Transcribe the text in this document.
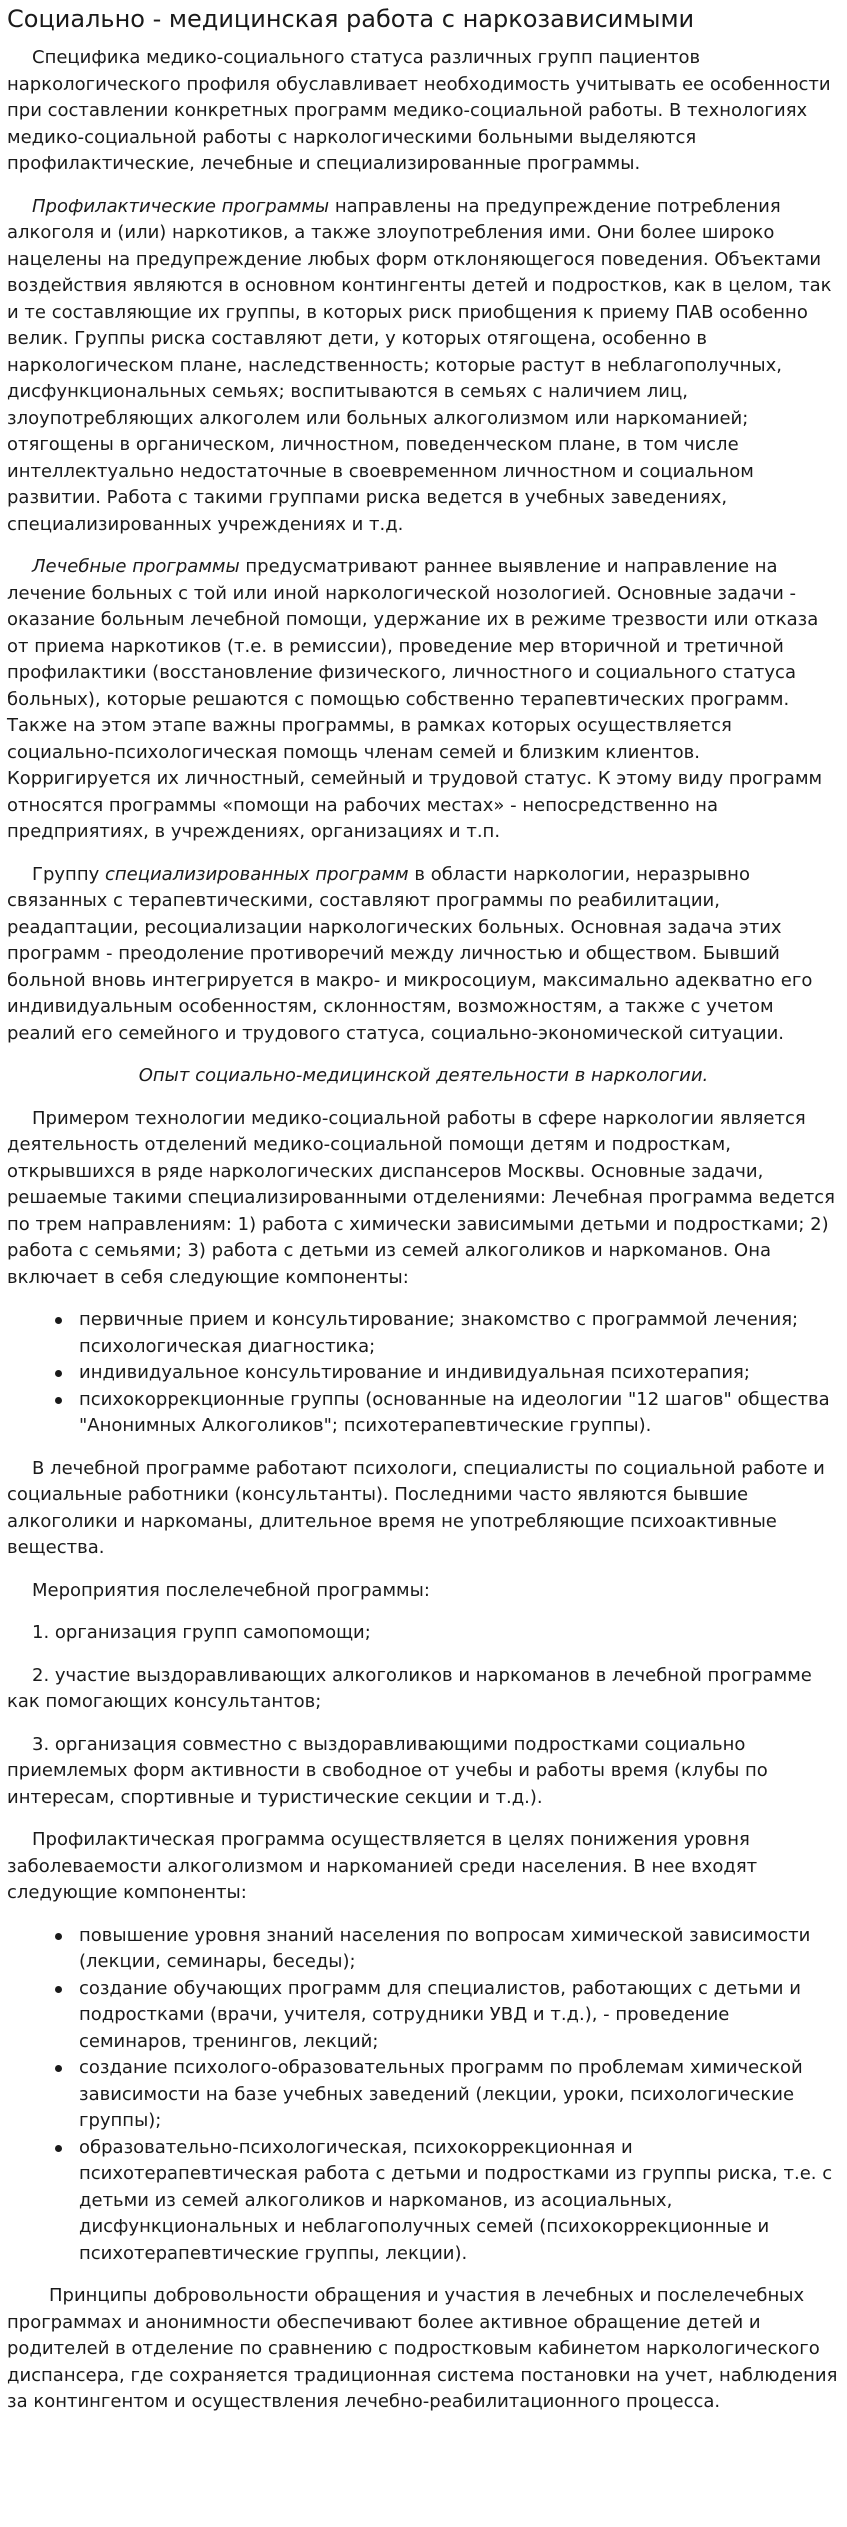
Социально - медицинская работа с наркозависимыми

Специфика медико-социального статуса различных групп пациентов наркологического профиля обуславливает необходимость учитывать ее особенности при составлении конкретных программ медико-социальной работы. В технологиях медико-социальной работы с наркологическими больными выделяются профилактические, лечебные и специализированные программы.

Профилактические программы направлены на предупреждение потребления алкоголя и (или) наркотиков, а также злоупотребления ими. Они более широко нацелены на предупреждение любых форм отклоняющегося поведения. Объектами воздействия являются в основном контингенты детей и подростков, как в целом, так и те составляющие их группы, в которых риск приобщения к приему ПАВ особенно велик. Группы риска составляют дети, у которых отягощена, особенно в наркологическом плане, наследственность; которые растут в неблагополучных, дисфункциональных семьях; воспитываются в семьях с наличием лиц, злоупотребляющих алкоголем или больных алкоголизмом или наркоманией; отягощены в органическом, личностном, поведенческом плане, в том числе интеллектуально недостаточные в своевременном личностном и социальном развитии. Работа с такими группами риска ведется в учебных заведениях, специализированных учреждениях и т.д.

Лечебные программы предусматривают раннее выявление и направление на лечение больных с той или иной наркологической нозологией. Основные задачи - оказание больным лечебной помощи, удержание их в режиме трезвости или отказа от приема наркотиков (т.е. в ремиссии), проведение мер вторичной и третичной профилактики (восстановление физического, личностного и социального статуса больных), которые решаются с помощью собственно терапевтических программ. Также на этом этапе важны программы, в рамках которых осуществляется социально-психологическая помощь членам семей и близким клиентов. Корригируется их личностный, семейный и трудовой статус. К этому виду программ относятся программы «помощи на рабочих местах» - непосредственно на предприятиях, в учреждениях, организациях и т.п.

Группу специализированных программ в области наркологии, неразрывно связанных с терапевтическими, составляют программы по реабилитации, реадаптации, ресоциализации наркологических больных. Основная задача этих программ - преодоление противоречий между личностью и обществом. Бывший больной вновь интегрируется в макро- и микросоциум, максимально адекватно его индивидуальным особенностям, склонностям, возможностям, а также с учетом реалий его семейного и трудового статуса, социально-экономической ситуации.

Опыт социально-медицинской деятельности в наркологии.

Примером технологии медико-социальной работы в сфере наркологии является деятельность отделений медико-социальной помощи детям и подросткам, открывшихся в ряде наркологических диспансеров Москвы. Основные задачи, решаемые такими специализированными отделениями: Лечебная программа ведется по трем направлениям: 1) работа с химически зависимыми детьми и подростками; 2) работа с семьями; 3) работа с детьми из семей алкоголиков и наркоманов. Она включает в себя следующие компоненты:

первичные прием и консультирование; знакомство с программой лечения; психологическая диагностика;
индивидуальное консультирование и индивидуальная психотерапия;
психокоррекционные группы (основанные на идеологии "12 шагов" общества "Анонимных Алкоголиков"; психотерапевтические группы).

В лечебной программе работают психологи, специалисты по социальной работе и социальные работники (консультанты). Последними часто являются бывшие алкоголики и наркоманы, длительное время не употребляющие психоактивные вещества.

Мероприятия послелечебной программы:

1. организация групп самопомощи;

2. участие выздоравливающих алкоголиков и наркоманов в лечебной программе как помогающих консультантов;

3. организация совместно с выздоравливающими подростками социально приемлемых форм активности в свободное от учебы и работы время (клубы по интересам, спортивные и туристические секции и т.д.).

Профилактическая программа осуществляется в целях понижения уровня заболеваемости алкоголизмом и наркоманией среди населения. В нее входят следующие компоненты:

повышение уровня знаний населения по вопросам химической зависимости (лекции, семинары, беседы);
создание обучающих программ для специалистов, работающих с детьми и подростками (врачи, учителя, сотрудники УВД и т.д.), - проведение семинаров, тренингов, лекций;
создание психолого-образовательных программ по проблемам химической зависимости на базе учебных заведений (лекции, уроки, психологические группы);
образовательно-психологическая, психокоррекционная и психотерапевтическая работа с детьми и подростками из группы риска, т.е. с детьми из семей алкоголиков и наркоманов, из асоциальных, дисфункциональных и неблагополучных семей (психокоррекционные и психотерапевтические группы, лекции).

Принципы добровольности обращения и участия в лечебных и послелечебных программах и анонимности обеспечивают более активное обращение детей и родителей в отделение по сравнению с подростковым кабинетом наркологического диспансера, где сохраняется традиционная система постановки на учет, наблюдения за контингентом и осуществления лечебно-реабилитационного процесса.
